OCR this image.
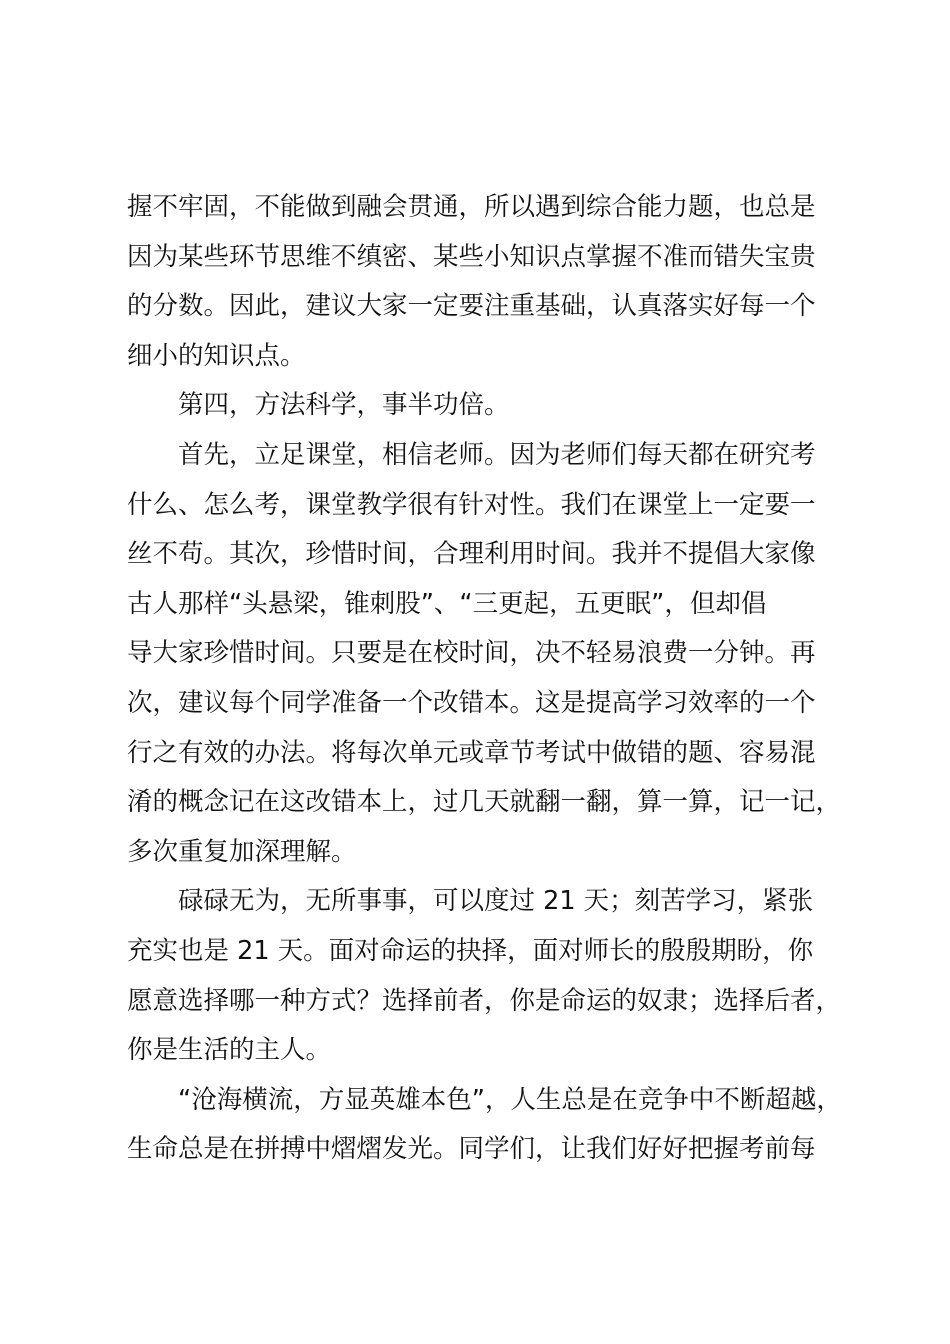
握不牢固，不能做到融会贯通，所以遇到综合能力题，也总是
因为某些环节思维不缜密、某些小知识点掌握不准而错失宝贵
的分数。因此，建议大家一定要注重基础，认真落实好每一个
细小的知识点。
　　第四，方法科学，事半功倍。
　　首先，立足课堂，相信老师。因为老师们每天都在研究考
什么、怎么考，课堂教学很有针对性。我们在课堂上一定要一
丝不苟。其次，珍惜时间，合理利用时间。我并不提倡大家像
古人那样“头悬梁，锥刺股”、“三更起，五更眠”，但却倡
导大家珍惜时间。只要是在校时间，决不轻易浪费一分钟。再
次，建议每个同学准备一个改错本。这是提高学习效率的一个
行之有效的办法。将每次单元或章节考试中做错的题、容易混
淆的概念记在这改错本上，过几天就翻一翻，算一算，记一记，
多次重复加深理解。
　　碌碌无为，无所事事，可以度过 21 天；刻苦学习，紧张
充实也是 21 天。面对命运的抉择，面对师长的殷殷期盼，你
愿意选择哪一种方式？选择前者，你是命运的奴隶；选择后者，
你是生活的主人。
　　“沧海横流，方显英雄本色”，人生总是在竞争中不断超越，
生命总是在拼搏中熠熠发光。同学们，让我们好好把握考前每
